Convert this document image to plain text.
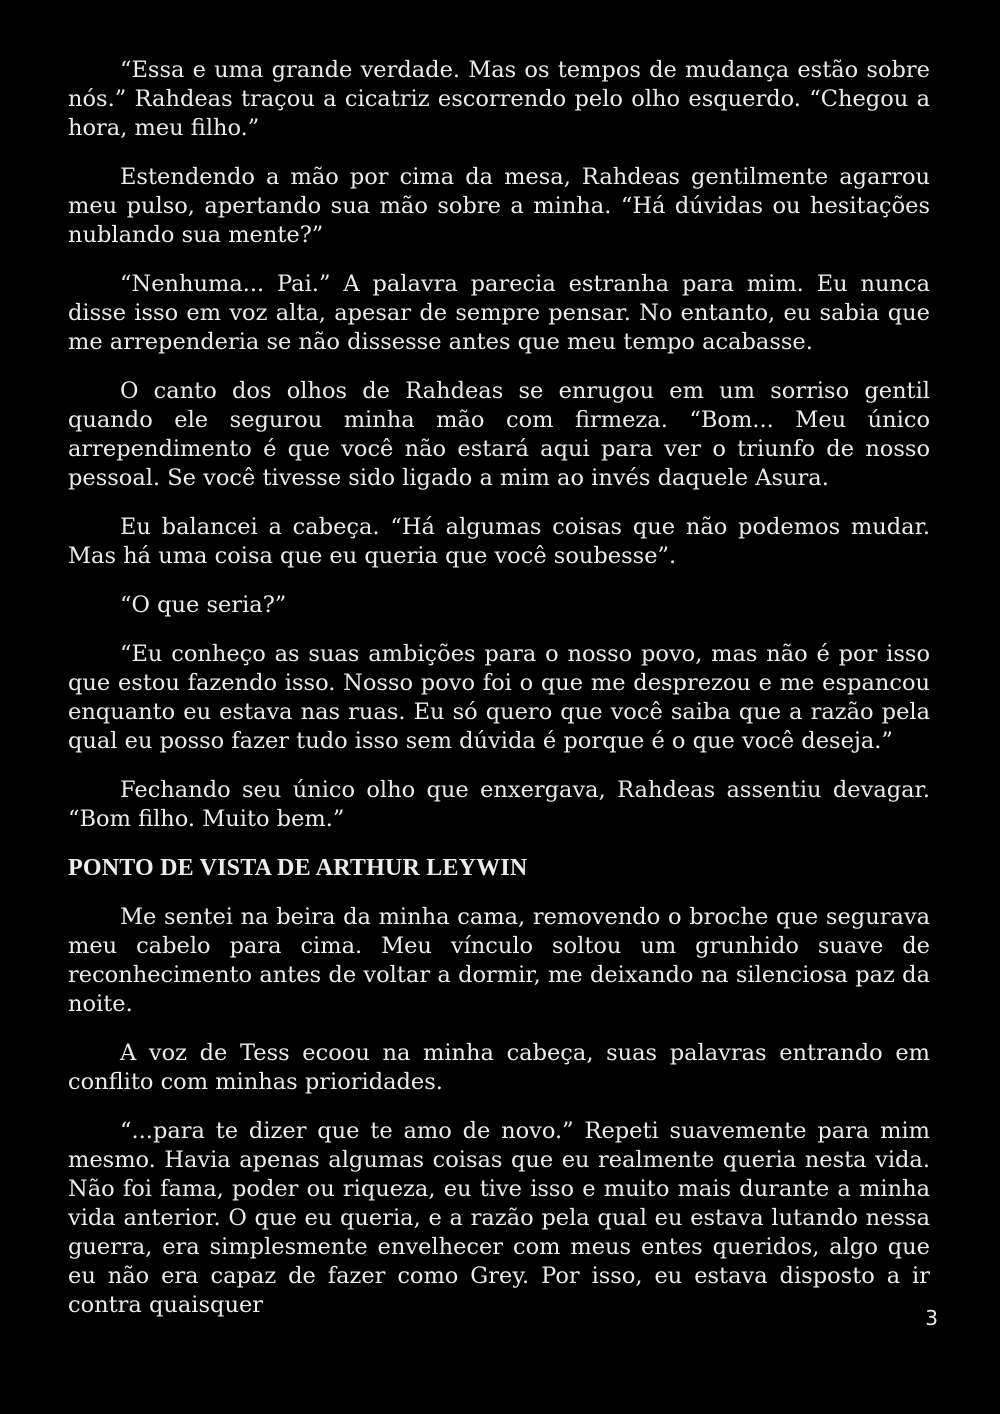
“Essa e uma grande verdade. Mas os tempos de mudança estão sobre nós.” Rahdeas traçou a cicatriz escorrendo pelo olho esquerdo. “Chegou a hora, meu filho.”

Estendendo a mão por cima da mesa, Rahdeas gentilmente agarrou meu pulso, apertando sua mão sobre a minha. “Há dúvidas ou hesitações nublando sua mente?”

“Nenhuma... Pai.” A palavra parecia estranha para mim. Eu nunca disse isso em voz alta, apesar de sempre pensar. No entanto, eu sabia que me arrependeria se não dissesse antes que meu tempo acabasse.

O canto dos olhos de Rahdeas se enrugou em um sorriso gentil quando ele segurou minha mão com firmeza. “Bom... Meu único arrependimento é que você não estará aqui para ver o triunfo de nosso pessoal. Se você tivesse sido ligado a mim ao invés daquele Asura.

Eu balancei a cabeça. “Há algumas coisas que não podemos mudar. Mas há uma coisa que eu queria que você soubesse”.

“O que seria?”

“Eu conheço as suas ambições para o nosso povo, mas não é por isso que estou fazendo isso. Nosso povo foi o que me desprezou e me espancou enquanto eu estava nas ruas. Eu só quero que você saiba que a razão pela qual eu posso fazer tudo isso sem dúvida é porque é o que você deseja.”

Fechando seu único olho que enxergava, Rahdeas assentiu devagar. “Bom filho. Muito bem.”

PONTO DE VISTA DE ARTHUR LEYWIN

Me sentei na beira da minha cama, removendo o broche que segurava meu cabelo para cima. Meu vínculo soltou um grunhido suave de reconhecimento antes de voltar a dormir, me deixando na silenciosa paz da noite.

A voz de Tess ecoou na minha cabeça, suas palavras entrando em conflito com minhas prioridades.

“...para te dizer que te amo de novo.” Repeti suavemente para mim mesmo. Havia apenas algumas coisas que eu realmente queria nesta vida. Não foi fama, poder ou riqueza, eu tive isso e muito mais durante a minha vida anterior. O que eu queria, e a razão pela qual eu estava lutando nessa guerra, era simplesmente envelhecer com meus entes queridos, algo que eu não era capaz de fazer como Grey. Por isso, eu estava disposto a ir contra quaisquer	3
